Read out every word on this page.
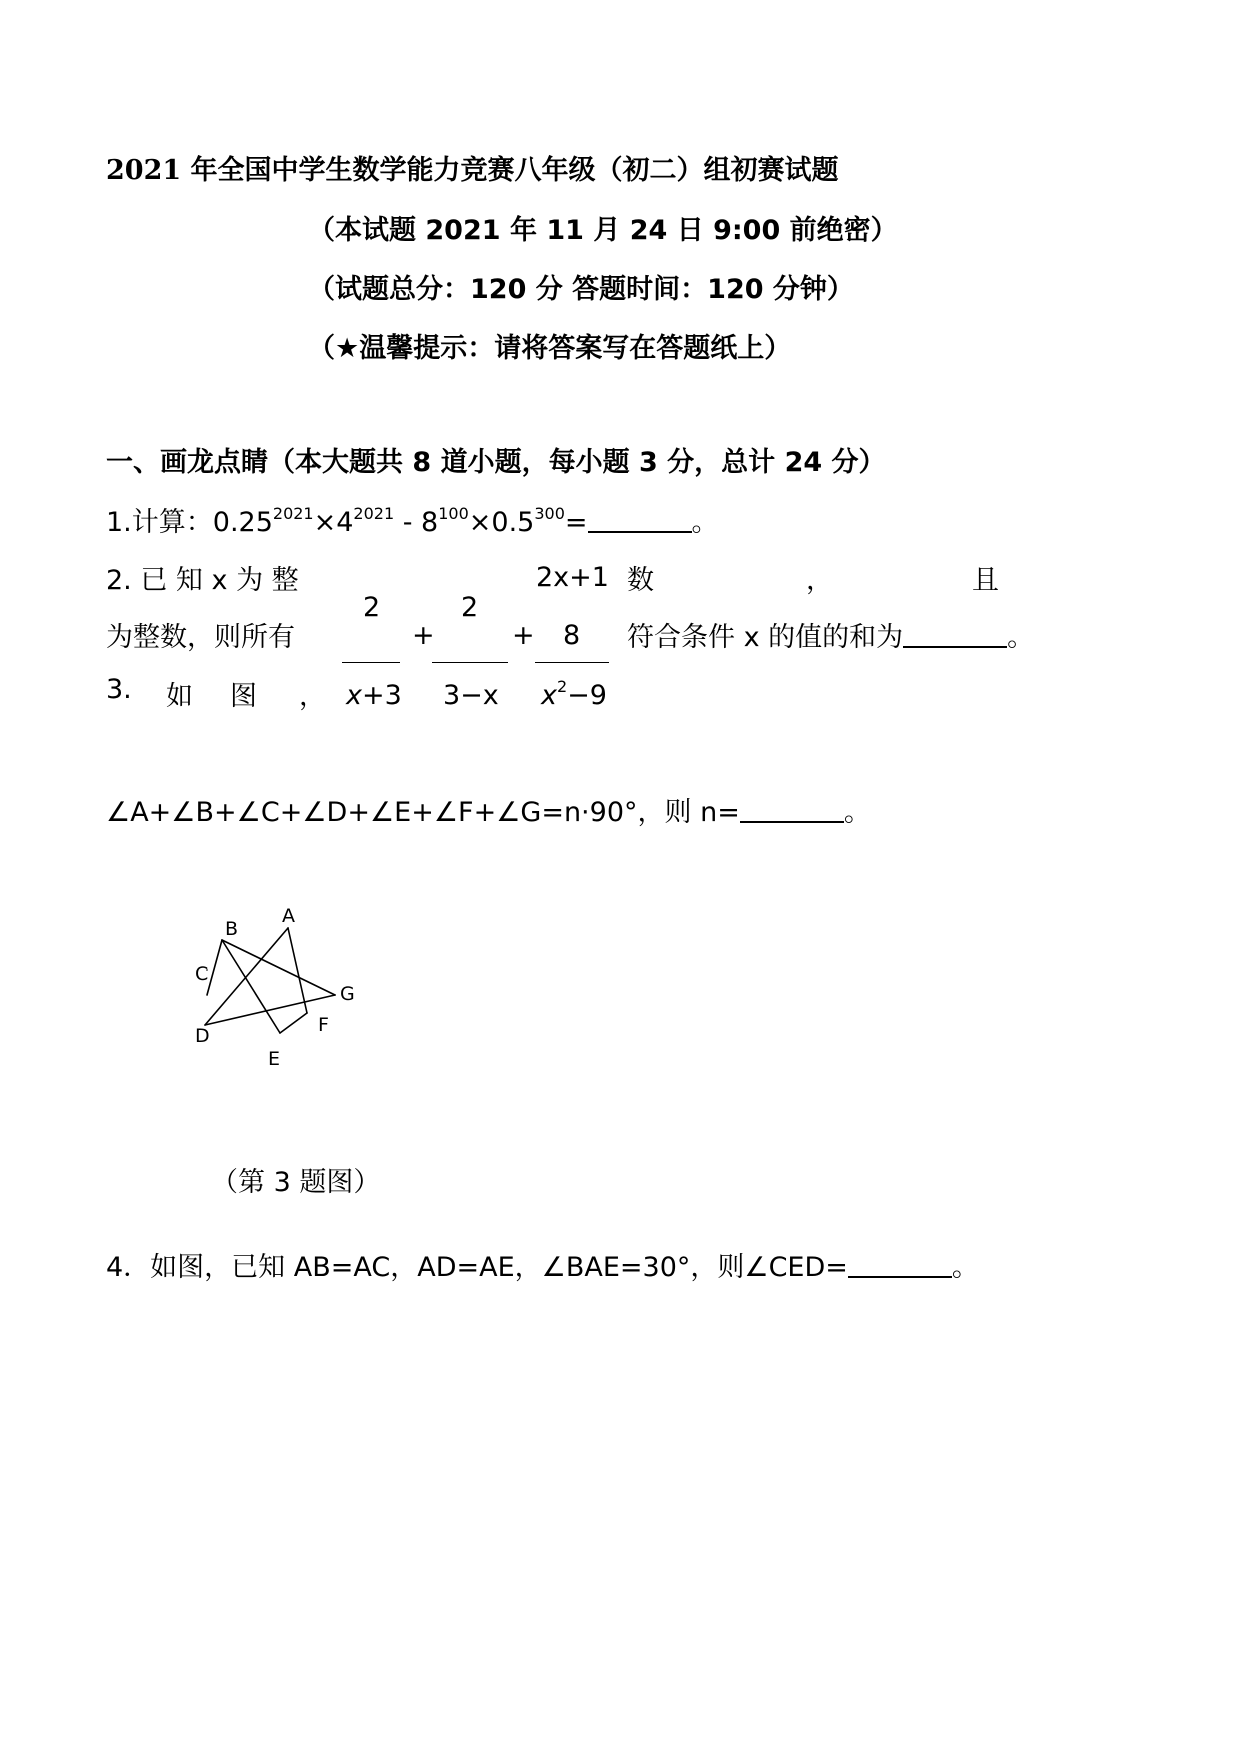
2021 年全国中学生数学能力竞赛八年级（初二）组初赛试题
（本试题 2021 年 11 月 24 日 9:00 前绝密）
（试题总分：120 分 答题时间：120 分钟）
（★温馨提示：请将答案写在答题纸上）
一、画龙点睛（本大题共 8 道小题，每小题 3 分，总计 24 分）
1.计算：$0.25^{2021}\times 4^{2021} - 8^{100}\times 0.5^{300}=$	。
2. 已 知 x 为 整	数	，	且
2x+1
为整数，则所有	符合条件 x 的值的和为	。
2
x+3
+
2
3−x
+ 8
$x^2-9$
3. 如 图 ，
∠A+∠B+∠C+∠D+∠E+∠F+∠G=n·90°，则 n=	。
A
B
C
D
E
F
G
（第 3 题图）
4．如图，已知 AB=AC，AD=AE，∠BAE=30°，则∠CED=	。
